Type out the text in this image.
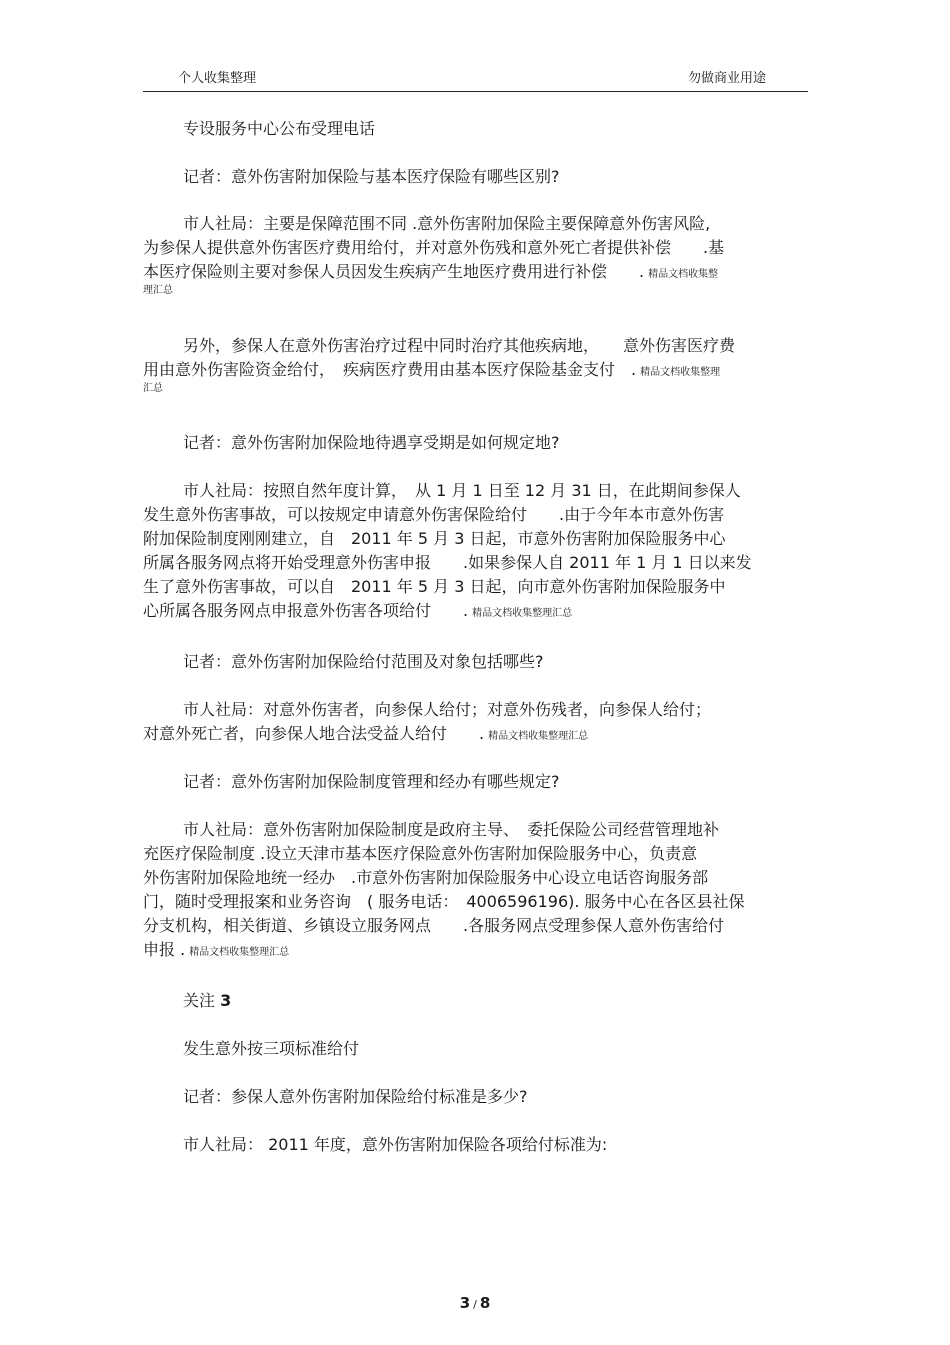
个人收集整理	勿做商业用途
专设服务中心公布受理电话
记者：意外伤害附加保险与基本医疗保险有哪些区别?
市人社局：主要是保障范围不同 .意外伤害附加保险主要保障意外伤害风险,
为参保人提供意外伤害医疗费用给付，并对意外伤残和意外死亡者提供补偿　　.基
本医疗保险则主要对参保人员因发生疾病产生地医疗费用进行补偿　　. 精品文档收集整
理汇总
另外，参保人在意外伤害治疗过程中同时治疗其他疾病地，　　意外伤害医疗费
用由意外伤害险资金给付，　疾病医疗费用由基本医疗保险基金支付　. 精品文档收集整理
汇总
记者：意外伤害附加保险地待遇享受期是如何规定地?
市人社局：按照自然年度计算，　从 1 月 1 日至 12 月 31 日，在此期间参保人
发生意外伤害事故，可以按规定申请意外伤害保险给付　　.由于今年本市意外伤害
附加保险制度刚刚建立，自　2011 年 5 月 3 日起，市意外伤害附加保险服务中心
所属各服务网点将开始受理意外伤害申报　　.如果参保人自 2011 年 1 月 1 日以来发
生了意外伤害事故，可以自　2011 年 5 月 3 日起，向市意外伤害附加保险服务中
心所属各服务网点申报意外伤害各项给付　　. 精品文档收集整理汇总
记者：意外伤害附加保险给付范围及对象包括哪些?
市人社局：对意外伤害者，向参保人给付；对意外伤残者，向参保人给付；
对意外死亡者，向参保人地合法受益人给付　　. 精品文档收集整理汇总
记者：意外伤害附加保险制度管理和经办有哪些规定?
市人社局：意外伤害附加保险制度是政府主导、　委托保险公司经营管理地补
充医疗保险制度 .设立天津市基本医疗保险意外伤害附加保险服务中心，负责意
外伤害附加保险地统一经办　.市意外伤害附加保险服务中心设立电话咨询服务部
门，随时受理报案和业务咨询　( 服务电话：　4006596196). 服务中心在各区县社保
分支机构，相关街道、乡镇设立服务网点　　.各服务网点受理参保人意外伤害给付
申报 . 精品文档收集整理汇总
关注 3
发生意外按三项标准给付
记者：参保人意外伤害附加保险给付标准是多少?
市人社局： 2011 年度，意外伤害附加保险各项给付标准为:
3 / 8
